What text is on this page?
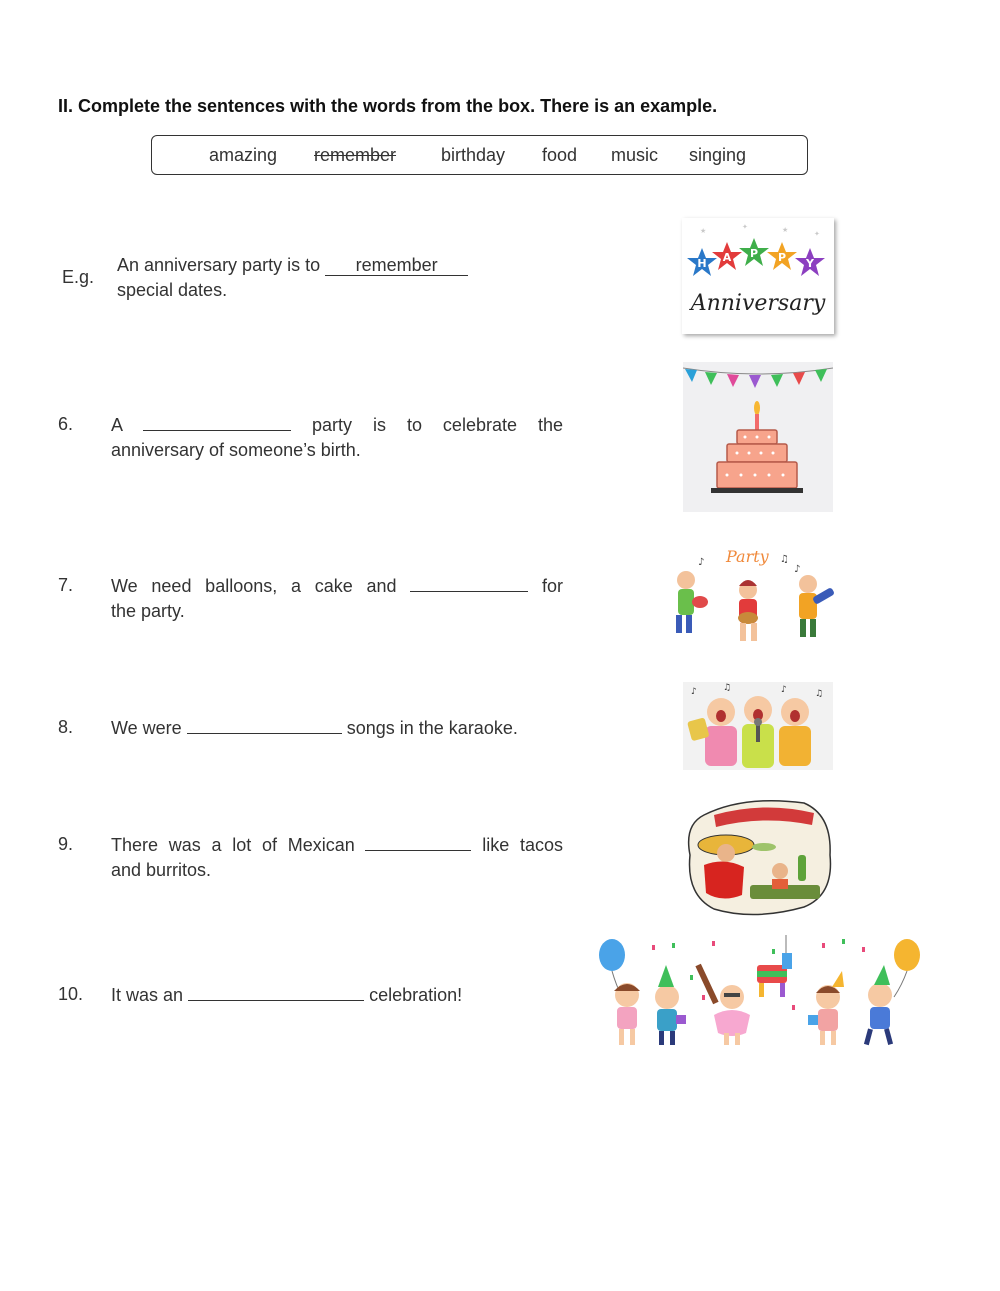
II. Complete the sentences with the words from the box. There is an example.
amazing remember birthday food music singing
E.g.
An anniversary party is to remember
special dates.
6. A	party is to celebrate the
anniversary of someone’s birth.
7. We need balloons, a cake and	for
the party.
8. We were	songs in the karaoke.
9. There was a lot of Mexican	like tacos
and burritos.
10. It was an	celebration!
★	✦	★	✦
H A P P Y
Anniversary
Party
♪	♫
♪
♪	♫	♪	♫
